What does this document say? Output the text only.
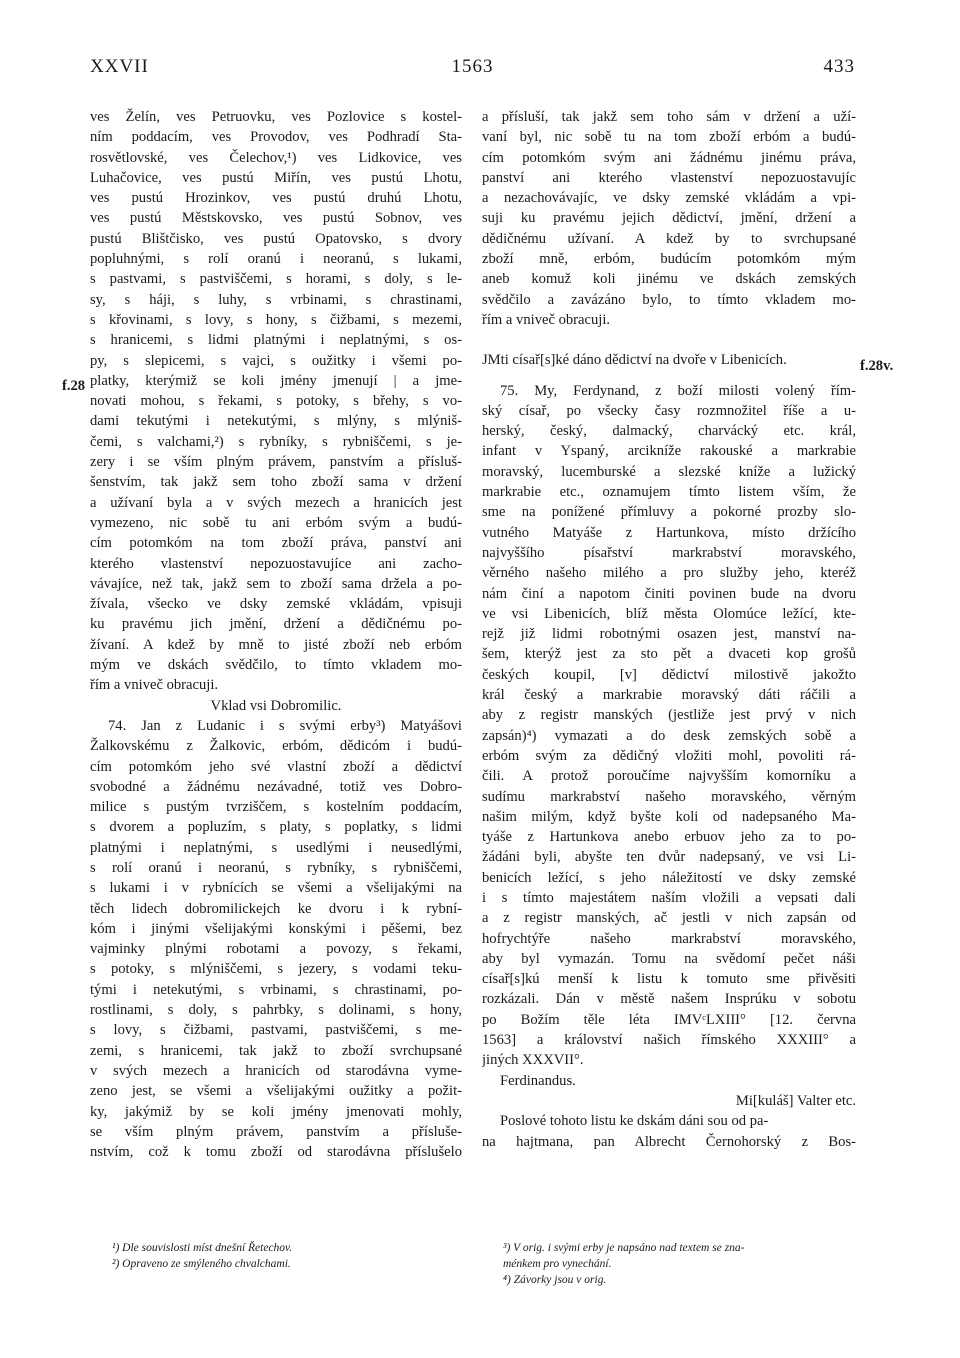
XXVII	1563	433
f.28
ves Želín, ves Petruovku, ves Pozlovice s kostel-
ním poddacím, ves Provodov, ves Podhradí Sta-
rosvětlovské, ves Čelechov,¹) ves Lidkovice, ves
Luhačovice, ves pustú Miřín, ves pustú Lhotu,
ves pustú Hrozinkov, ves pustú druhú Lhotu,
ves pustú Městskovsko, ves pustú Sobnov, ves
pustú Blištčisko, ves pustú Opatovsko, s dvory
popluhnými, s rolí oranú i neoranú, s lukami,
s pastvami, s pastviščemi, s horami, s doly, s le-
sy, s háji, s luhy, s vrbinami, s chrastinami,
s křovinami, s lovy, s hony, s čižbami, s mezemi,
s hranicemi, s lidmi platnými i neplatnými, s os-
py, s slepicemi, s vajci, s oužitky i všemi po-
platky, kterýmiž se koli jmény jmenují | a jme-
novati mohou, s řekami, s potoky, s břehy, s vo-
dami tekutými i netekutými, s mlýny, s mlýniš-
čemi, s valchami,²) s rybníky, s rybniščemi, s je-
zery i se vším plným právem, panstvím a přísluš-
šenstvím, tak jakž sem toho zboží sama v držení
a užívaní byla a v svých mezech a hranicích jest
vymezeno, nic sobě tu ani erbóm svým a budú-
cím potomkóm na tom zboží práva, panství ani
kterého vlastenství nepozuostavujíce ani zacho-
vávajíce, než tak, jakž sem to zboží sama držela a po-
žívala, všecko ve dsky zemské vkládám, vpisuji
ku pravému jich jmění, držení a dědičnému po-
žívaní. A kdež by mně to jisté zboží neb erbóm
mým ve dskách svědčilo, to tímto vkladem mo-
řím a vniveč obracuji.
Vklad vsi Dobromilic.
74. Jan z Ludanic i s svými erby³) Matyášovi
Žalkovskému z Žalkovic, erbóm, dědicóm i budú-
cím potomkóm jeho své vlastní zboží a dědictví
svobodné a žádnému nezávadné, totiž ves Dobro-
milice s pustým tvrziščem, s kostelním poddacím,
s dvorem a popluzím, s platy, s poplatky, s lidmi
platnými i neplatnými, s usedlými i neusedlými,
s rolí oranú i neoranú, s rybníky, s rybniščemi,
s lukami i v rybnících se všemi a všelijakými na
těch lidech dobromilickejch ke dvoru i k rybní-
kóm i jinými všelijakými konskými i pěšemi, bez
vajminky plnými robotami a povozy, s řekami,
s potoky, s mlýniščemi, s jezery, s vodami teku-
tými i netekutými, s vrbinami, s chrastinami, po-
rostlinami, s doly, s pahrbky, s dolinami, s hony,
s lovy, s čižbami, pastvami, pastviščemi, s me-
zemi, s hranicemi, tak jakž to zboží svrchupsané
v svých mezech a hranicích od starodávna vyme-
zeno jest, se všemi a všelijakými oužitky a požit-
ky, jakýmiž by se koli jmény jmenovati mohly,
se vším plným právem, panstvím a přísluše-
nstvím, což k tomu zboží od starodávna příslušelo
a přísluší, tak jakž sem toho sám v držení a uží-
vaní byl, nic sobě tu na tom zboží erbóm a budú-
cím potomkóm svým ani žádnému jinému práva,
panství ani kterého vlastenství nepozuostavujíc
a nezachovávajíc, ve dsky zemské vkládám a vpi-
suji ku pravému jejich dědictví, jmění, držení a
dědičnému užívaní. A kdež by to svrchupsané
zboží mně, erbóm, budúcím potomkóm mým
aneb komuž koli jinému ve dskách zemských
svědčilo a zavázáno bylo, to tímto vkladem mo-
řím a vniveč obracuji.
JMti císař[s]ké dáno dědictví na dvoře v Libenicích.
75. My, Ferdynand, z boží milosti volený řím-
ský císař, po všecky časy rozmnožitel říše a u-
herský, český, dalmacký, charvácký etc. král,
infant v Yspaný, arcikníže rakouské a markrabie
moravský, lucemburské a slezské kníže a lužický
markrabie etc., oznamujem tímto listem vším, že
sme na ponížené přímluvy a pokorné prozby slo-
vutného Matyáše z Hartunkova, místo držícího
najvyššího písařství markrabství moravského,
věrného našeho milého a pro služby jeho, kteréž
nám činí a napotom činiti povinen bude na dvoru
ve vsi Libenicích, blíž města Olomúce ležící, kte-
rejž již lidmi robotnými osazen jest, manství na-
šem, kterýž jest za sto pět a dvaceti kop grošů
českých koupil, [v] dědictví milostivě jakožto
král český a markrabie moravský dáti ráčili a
aby z registr manských (jestliže jest prvý v nich
zapsán)⁴) vymazati a do desk zemských sobě a
erbóm svým za dědičný vložiti mohl, povoliti rá-
čili. A protož poroučíme najvyšším komorníku a
sudímu markrabství našeho moravského, věrným
našim milým, když byšte koli od nadepsaného Ma-
tyáše z Hartunkova anebo erbuov jeho za to po-
žádáni byli, abyšte ten dvůr nadepsaný, ve vsi Li-
benicích ležící, s jeho náležitostí ve dsky zemské
i s tímto majestátem naším vložili a vepsati dali
a z registr manských, ač jestli v nich zapsán od
hofrychtýře našeho markrabství moravského,
aby byl vymazán. Tomu na svědomí pečet náši
císař[s]kú menší k listu k tomuto sme přivěsiti
rozkázali. Dán v městě našem Insprúku v sobotu
po Božím těle léta IMVᶜLXIII° [12. června
1563] a království našich římského XXXIII° a
jiných XXXVII°.
Ferdinandus.
Mi[kuláš] Valter etc.
Poslové tohoto listu ke dskám dáni sou od pa-
na hajtmana, pan Albrecht Černohorský z Bos-
f.28v.
¹) Dle souvislosti míst dnešní Řetechov.
²) Opraveno ze smýleného chvalchami.
³) V orig. i svými erby je napsáno nad textem se zna-
ménkem pro vynechání.
⁴) Závorky jsou v orig.
